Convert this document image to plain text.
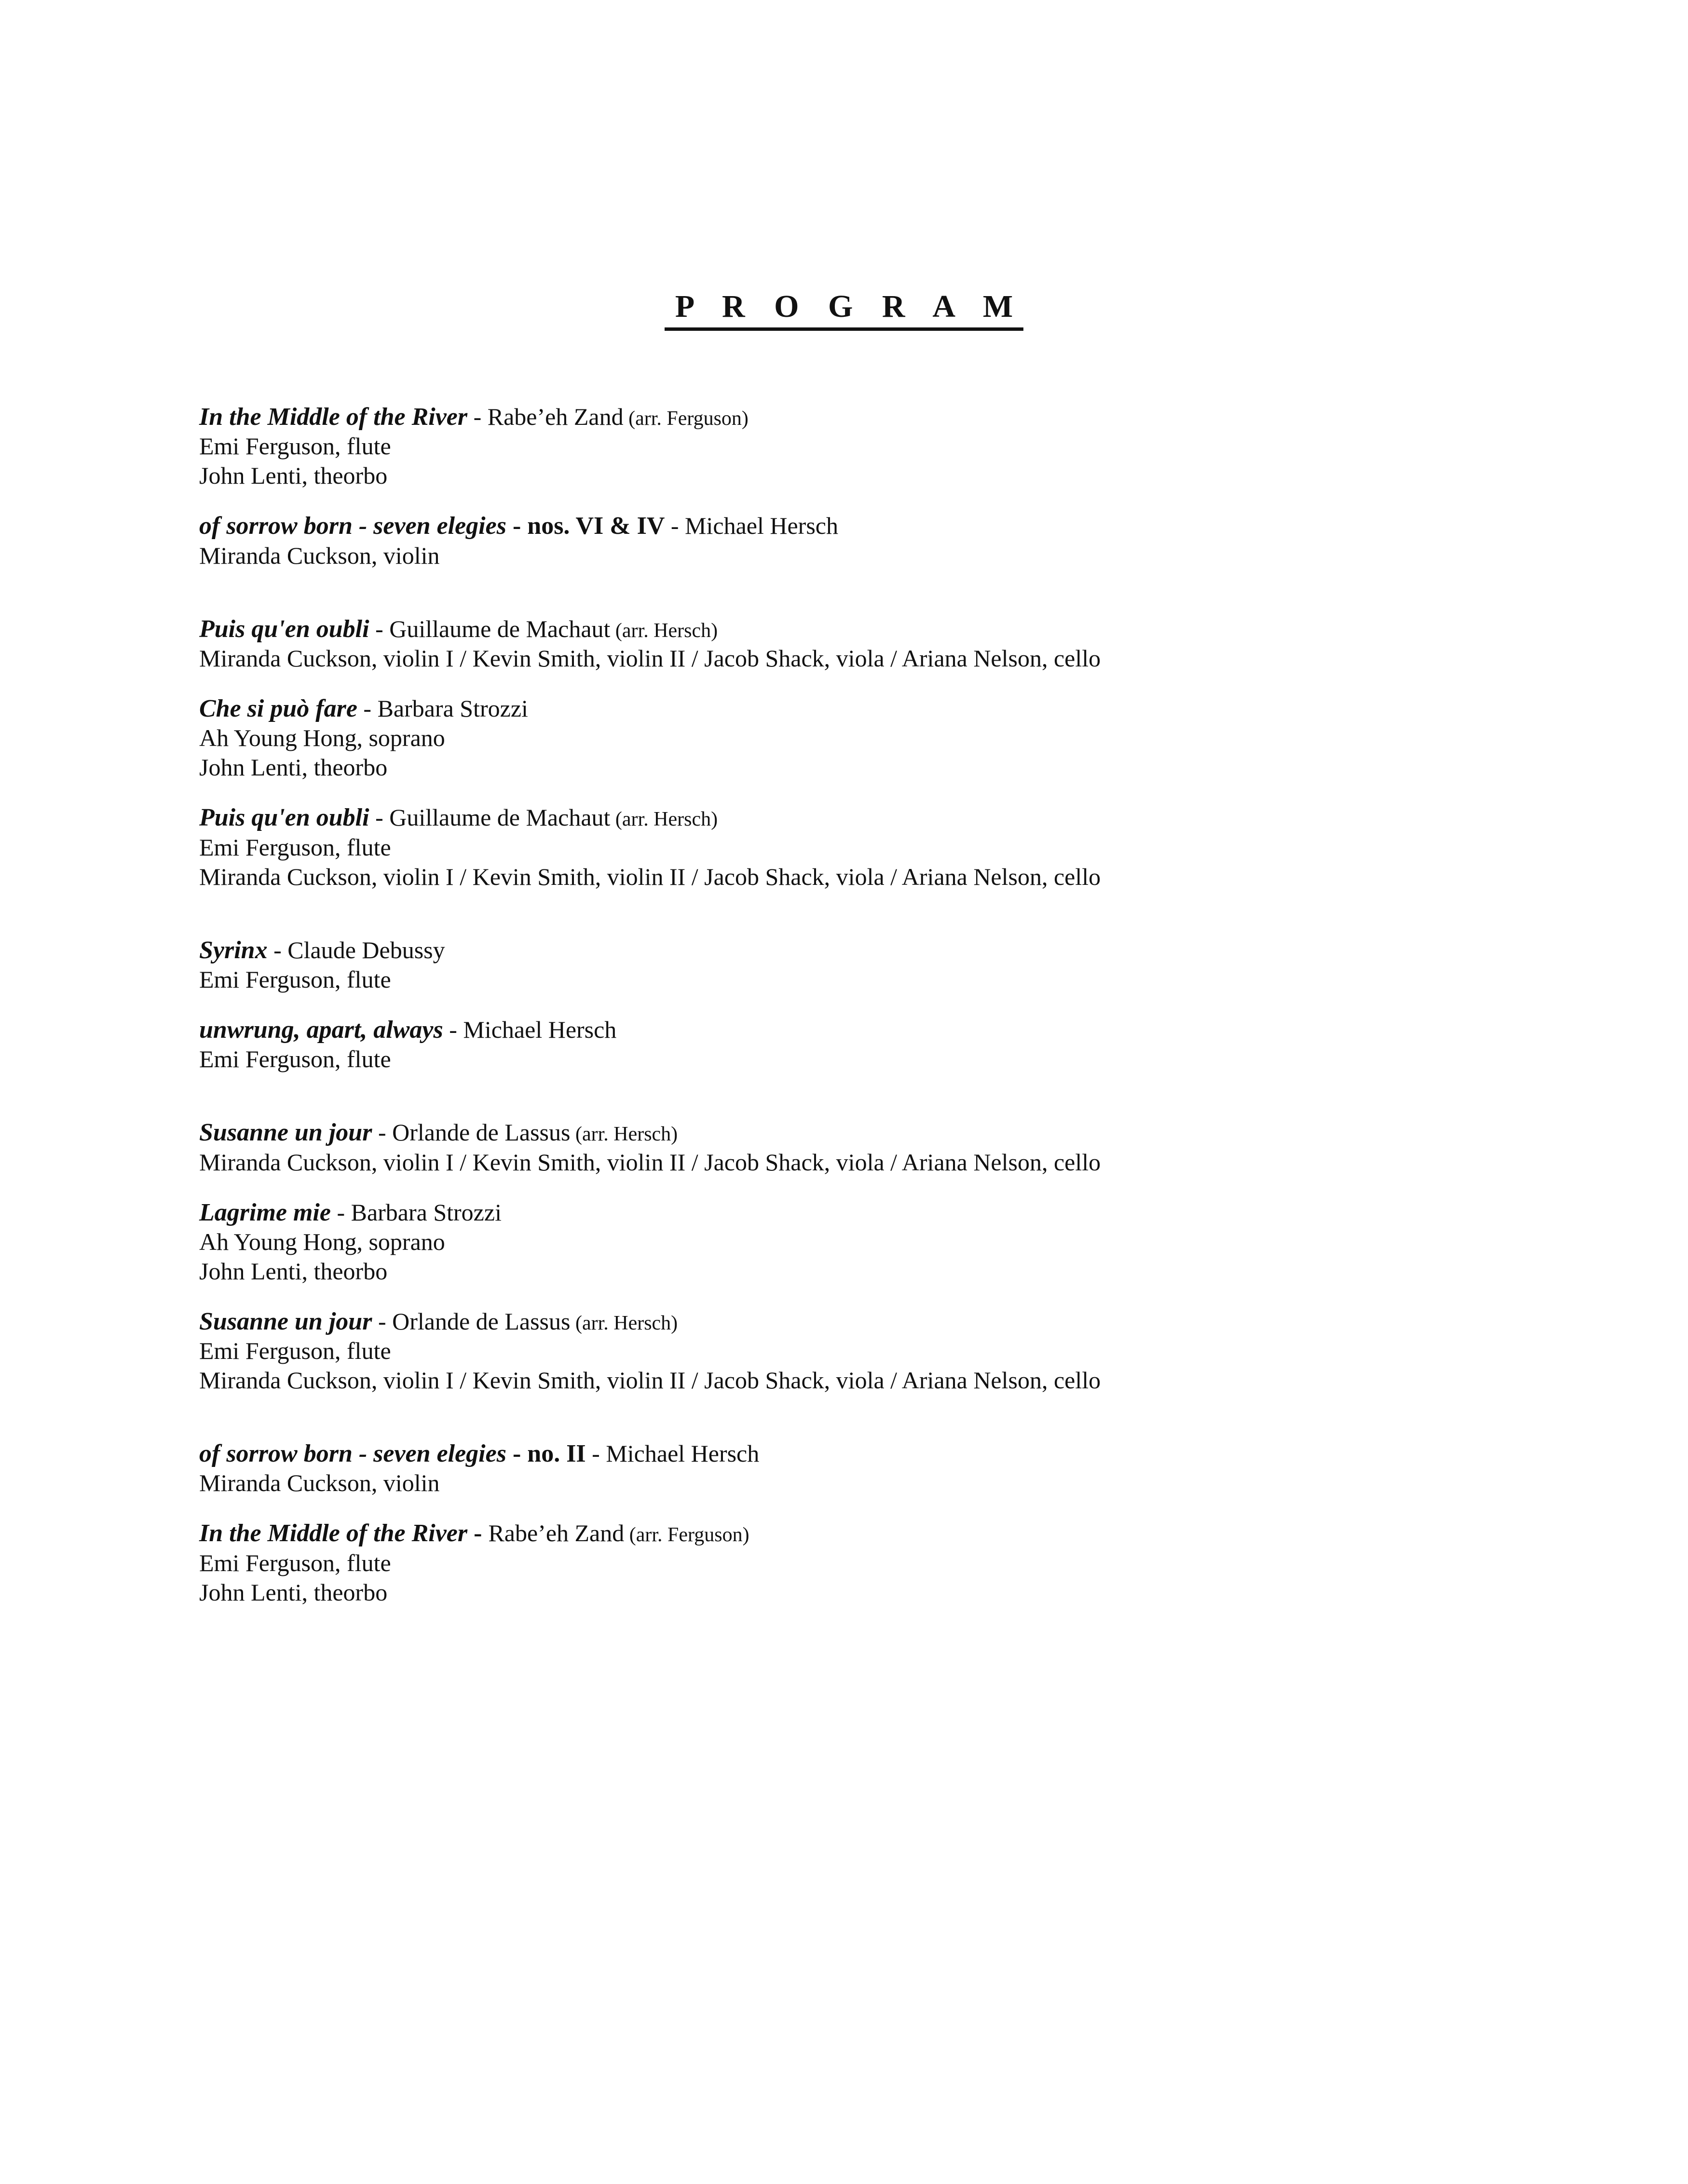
P R O G R A M
In the Middle of the River - Rabe’eh Zand (arr. Ferguson)
Emi Ferguson, flute
John Lenti, theorbo
of sorrow born - seven elegies - nos. VI & IV - Michael Hersch
Miranda Cuckson, violin
Puis qu'en oubli - Guillaume de Machaut (arr. Hersch)
Miranda Cuckson, violin I / Kevin Smith, violin II / Jacob Shack, viola / Ariana Nelson, cello
Che si può fare - Barbara Strozzi
Ah Young Hong, soprano
John Lenti, theorbo
Puis qu'en oubli - Guillaume de Machaut (arr. Hersch)
Emi Ferguson, flute
Miranda Cuckson, violin I / Kevin Smith, violin II / Jacob Shack, viola / Ariana Nelson, cello
Syrinx - Claude Debussy
Emi Ferguson, flute
unwrung, apart, always - Michael Hersch
Emi Ferguson, flute
Susanne un jour - Orlande de Lassus (arr. Hersch)
Miranda Cuckson, violin I / Kevin Smith, violin II / Jacob Shack, viola / Ariana Nelson, cello
Lagrime mie - Barbara Strozzi
Ah Young Hong, soprano
John Lenti, theorbo
Susanne un jour - Orlande de Lassus (arr. Hersch)
Emi Ferguson, flute
Miranda Cuckson, violin I / Kevin Smith, violin II / Jacob Shack, viola / Ariana Nelson, cello
of sorrow born - seven elegies - no. II - Michael Hersch
Miranda Cuckson, violin
In the Middle of the River - Rabe’eh Zand (arr. Ferguson)
Emi Ferguson, flute
John Lenti, theorbo
